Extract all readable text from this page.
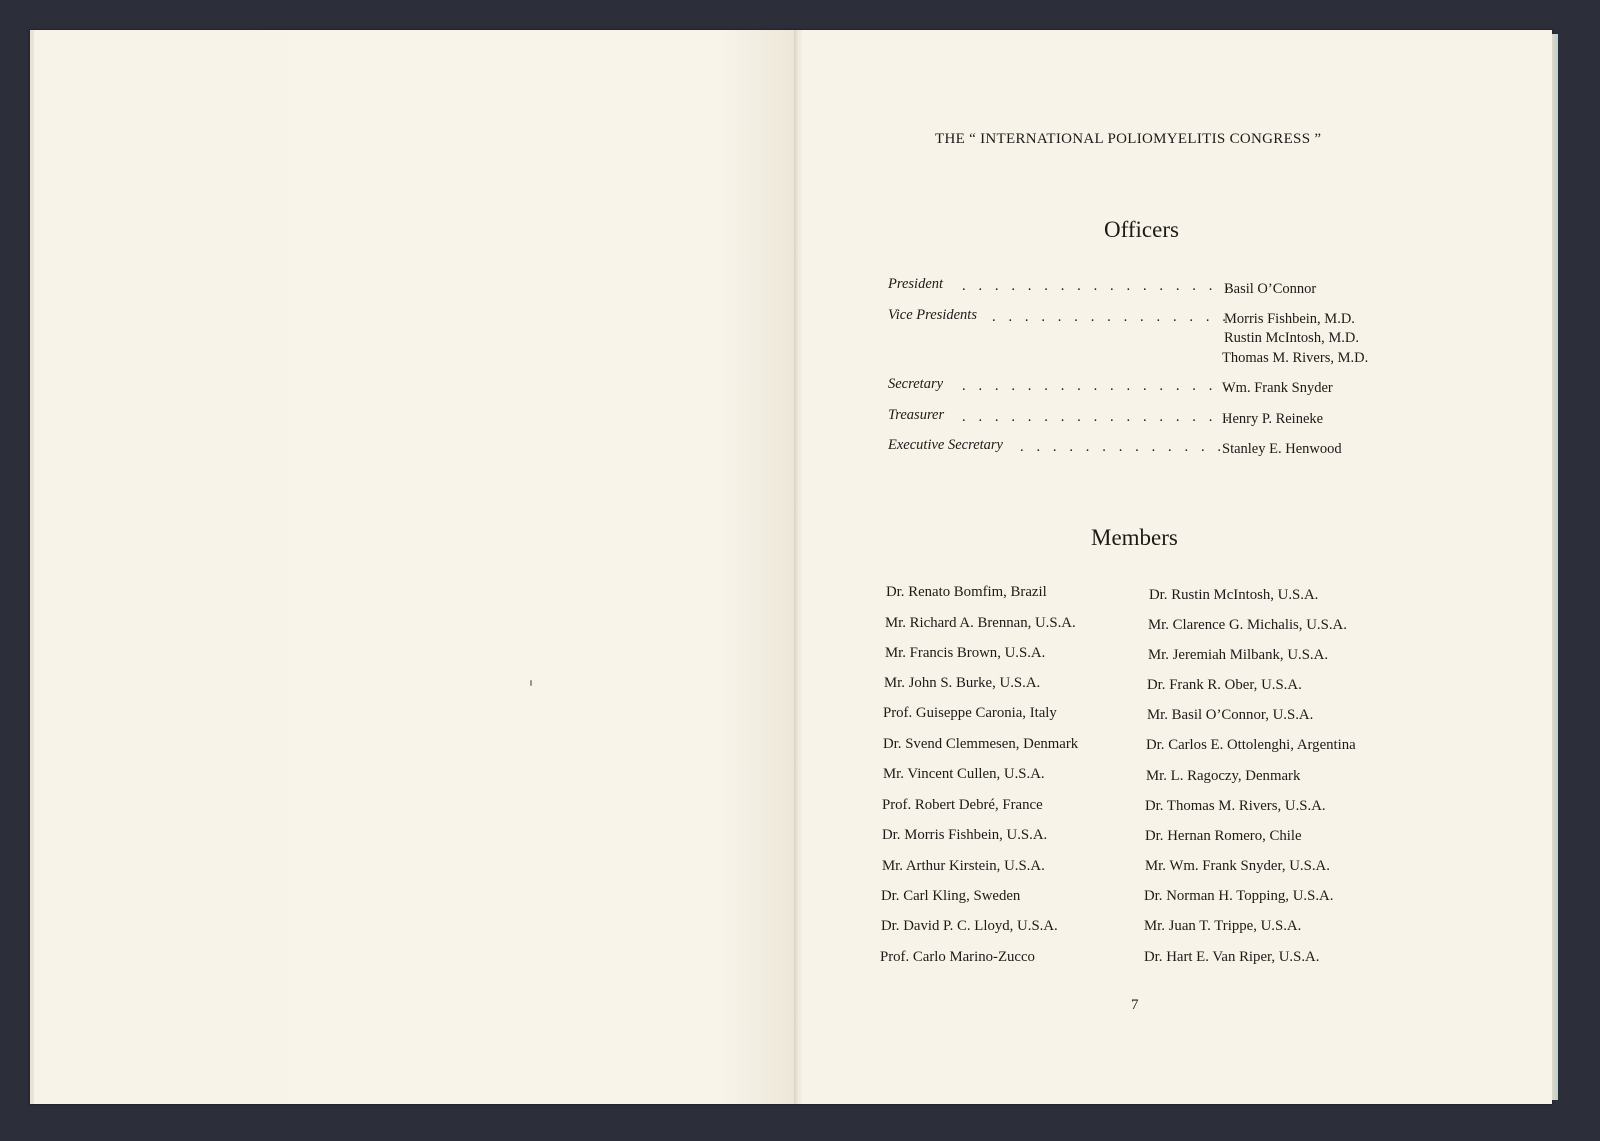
THE “ INTERNATIONAL POLIOMYELITIS CONGRESS ”
Officers
President . . . . . . . . . . . . . . . . .
Basil O’Connor
Vice Presidents . . . . . . . . . . . . . . .
Morris Fishbein, M.D.
Rustin McIntosh, M.D.
Thomas M. Rivers, M.D.
Secretary . . . . . . . . . . . . . . . . .
Wm. Frank Snyder
Treasurer . . . . . . . . . . . . . . . . .
Henry P. Reineke
Executive Secretary . . . . . . . . . . . . .
Stanley E. Henwood
Members
Dr. Renato Bomfim, Brazil
Mr. Richard A. Brennan, U.S.A.
Mr. Francis Brown, U.S.A.
Mr. John S. Burke, U.S.A.
Prof. Guiseppe Caronia, Italy
Dr. Svend Clemmesen, Denmark
Mr. Vincent Cullen, U.S.A.
Prof. Robert Debré, France
Dr. Morris Fishbein, U.S.A.
Mr. Arthur Kirstein, U.S.A.
Dr. Carl Kling, Sweden
Dr. David P. C. Lloyd, U.S.A.
Prof. Carlo Marino-Zucco
Dr. Rustin McIntosh, U.S.A.
Mr. Clarence G. Michalis, U.S.A.
Mr. Jeremiah Milbank, U.S.A.
Dr. Frank R. Ober, U.S.A.
Mr. Basil O’Connor, U.S.A.
Dr. Carlos E. Ottolenghi, Argentina
Mr. L. Ragoczy, Denmark
Dr. Thomas M. Rivers, U.S.A.
Dr. Hernan Romero, Chile
Mr. Wm. Frank Snyder, U.S.A.
Dr. Norman H. Topping, U.S.A.
Mr. Juan T. Trippe, U.S.A.
Dr. Hart E. Van Riper, U.S.A.
7
